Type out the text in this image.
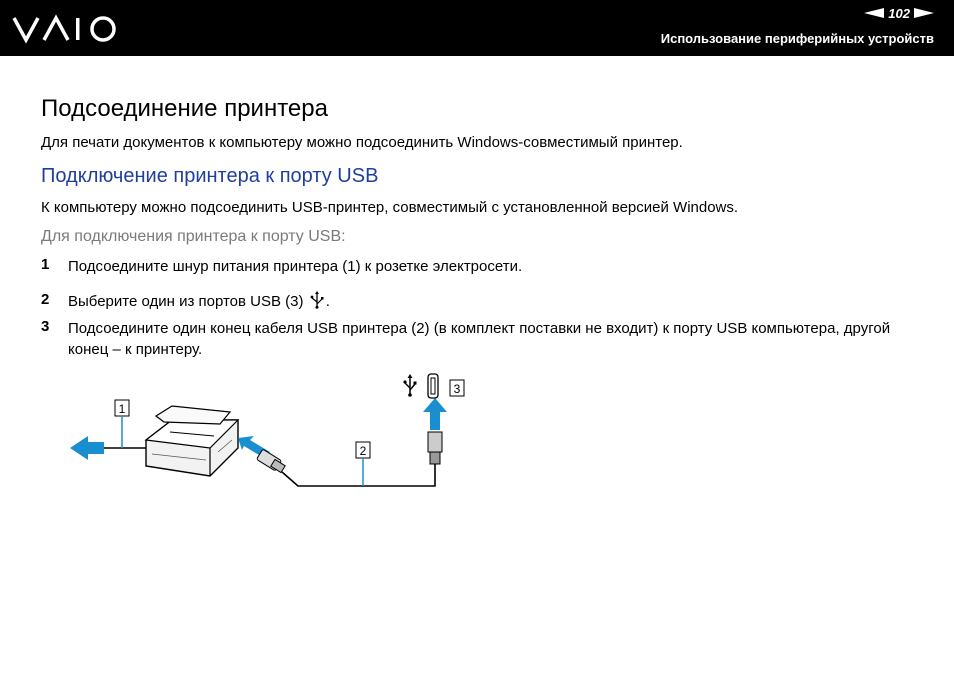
102
Использование периферийных устройств
Подсоединение принтера
Для печати документов к компьютеру можно подсоединить Windows-совместимый принтер.
Подключение принтера к порту USB
К компьютеру можно подсоединить USB-принтер, совместимый с установленной версией Windows.
Для подключения принтера к порту USB:
1 Подсоедините шнур питания принтера (1) к розетке электросети.
2 Выберите один из портов USB (3) .
3 Подсоедините один конец кабеля USB принтера (2) (в комплект поставки не входит) к порту USB компьютера, другой конец – к принтеру.
1
2
3
